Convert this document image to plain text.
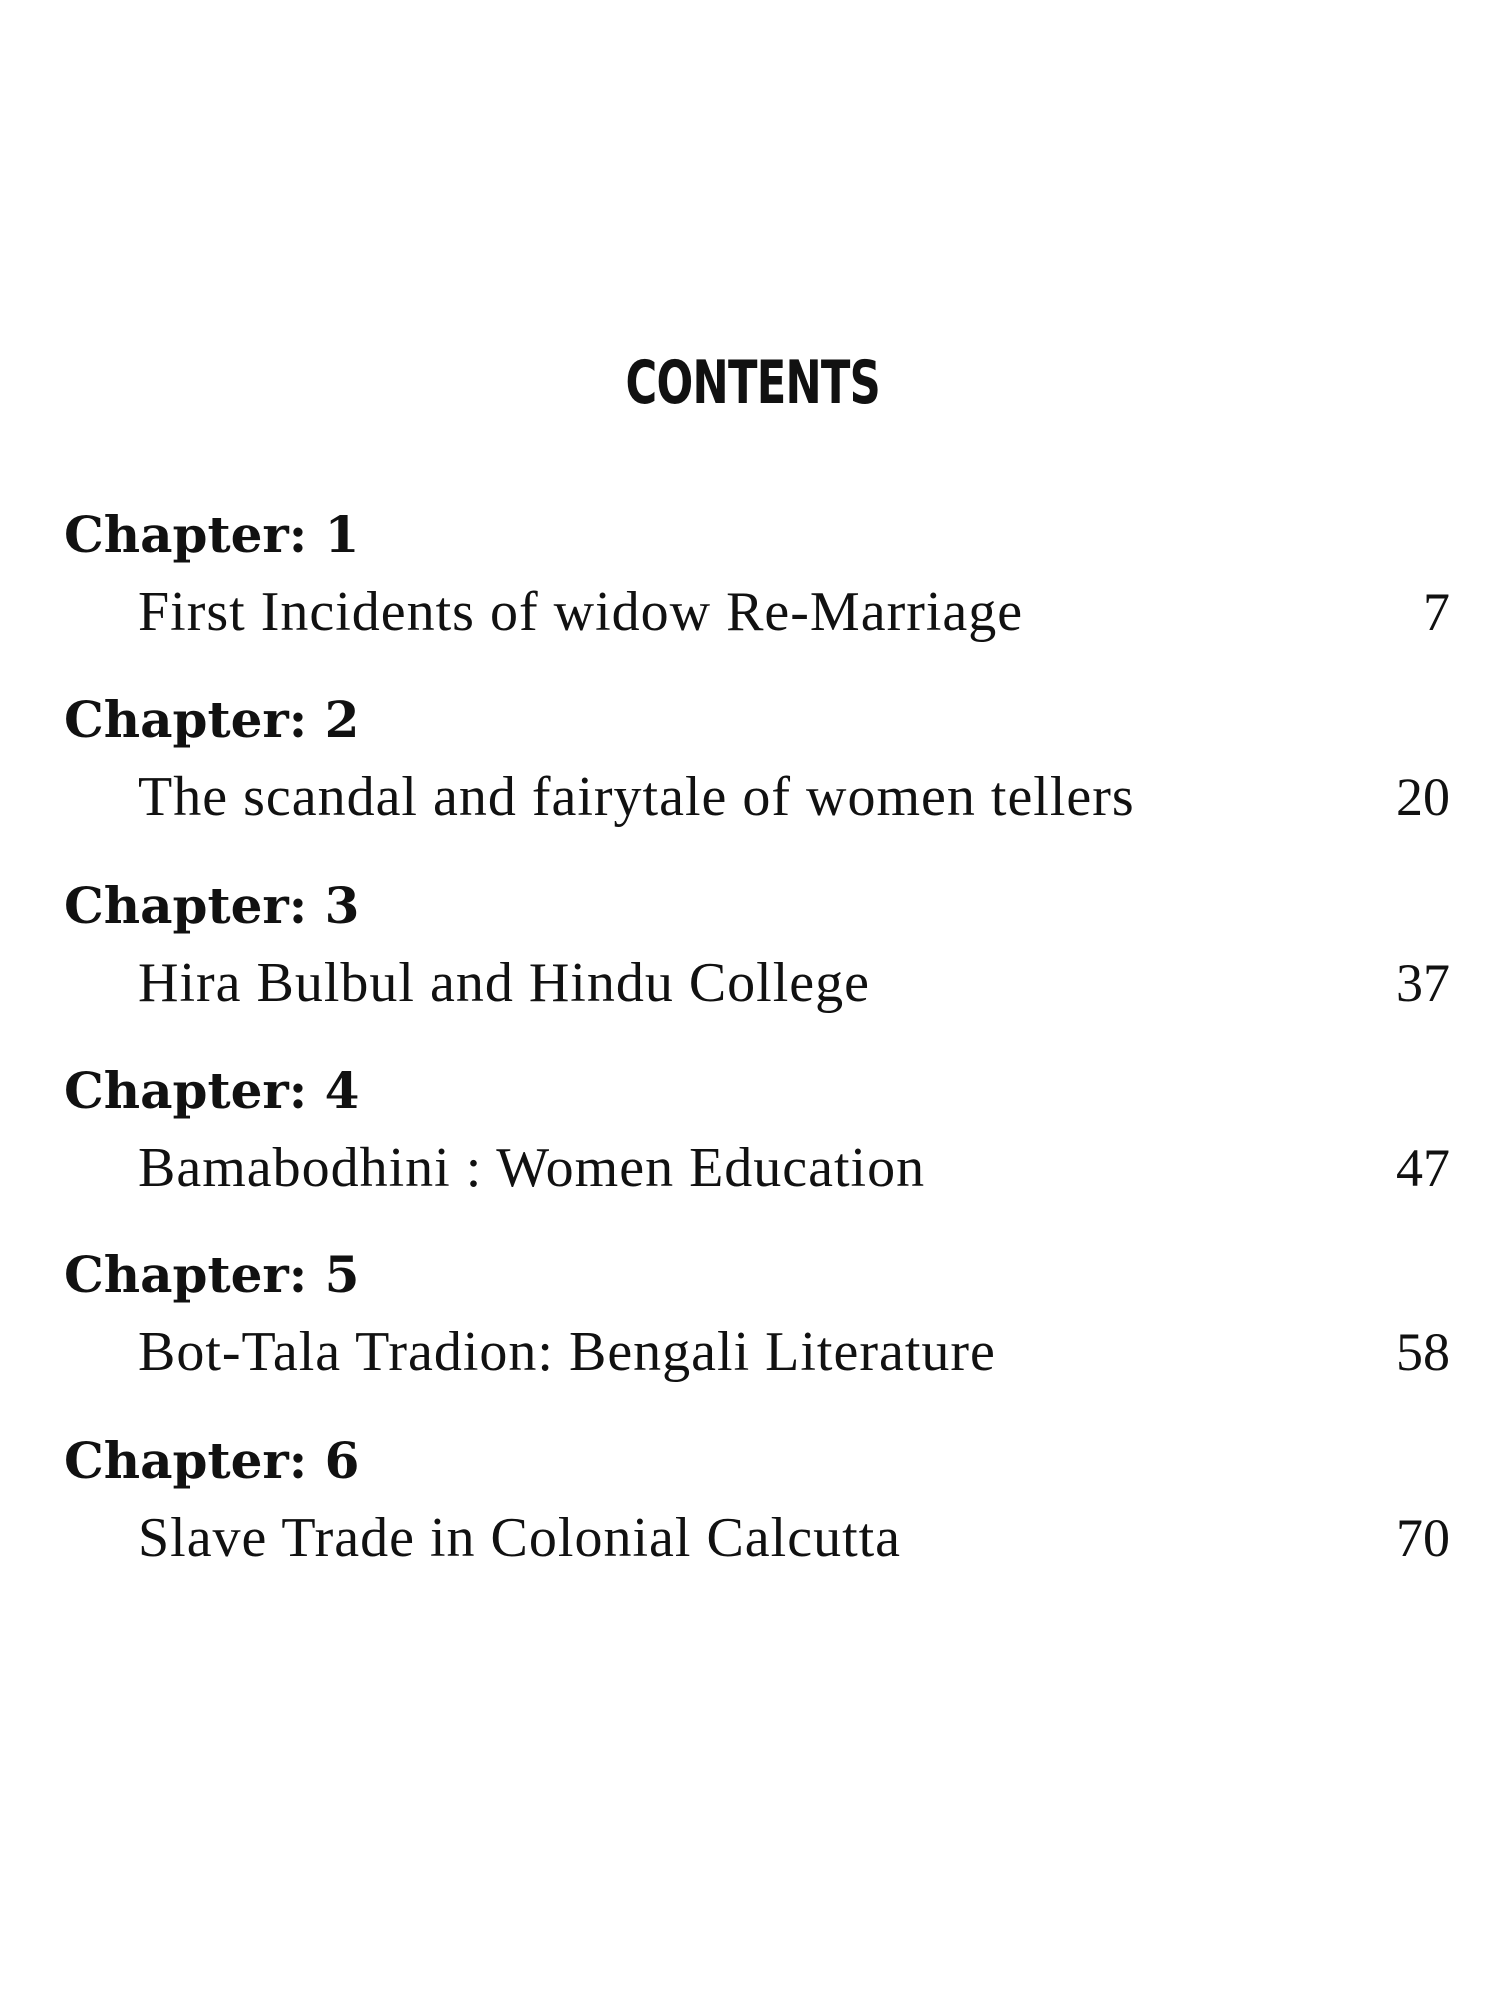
CONTENTS
Chapter: 1
First Incidents of widow Re-Marriage	7
Chapter: 2
The scandal and fairytale of women tellers	20
Chapter: 3
Hira Bulbul and Hindu College	37
Chapter: 4
Bamabodhini : Women Education	47
Chapter: 5
Bot-Tala Tradion: Bengali Literature	58
Chapter: 6
Slave Trade in Colonial Calcutta	70
